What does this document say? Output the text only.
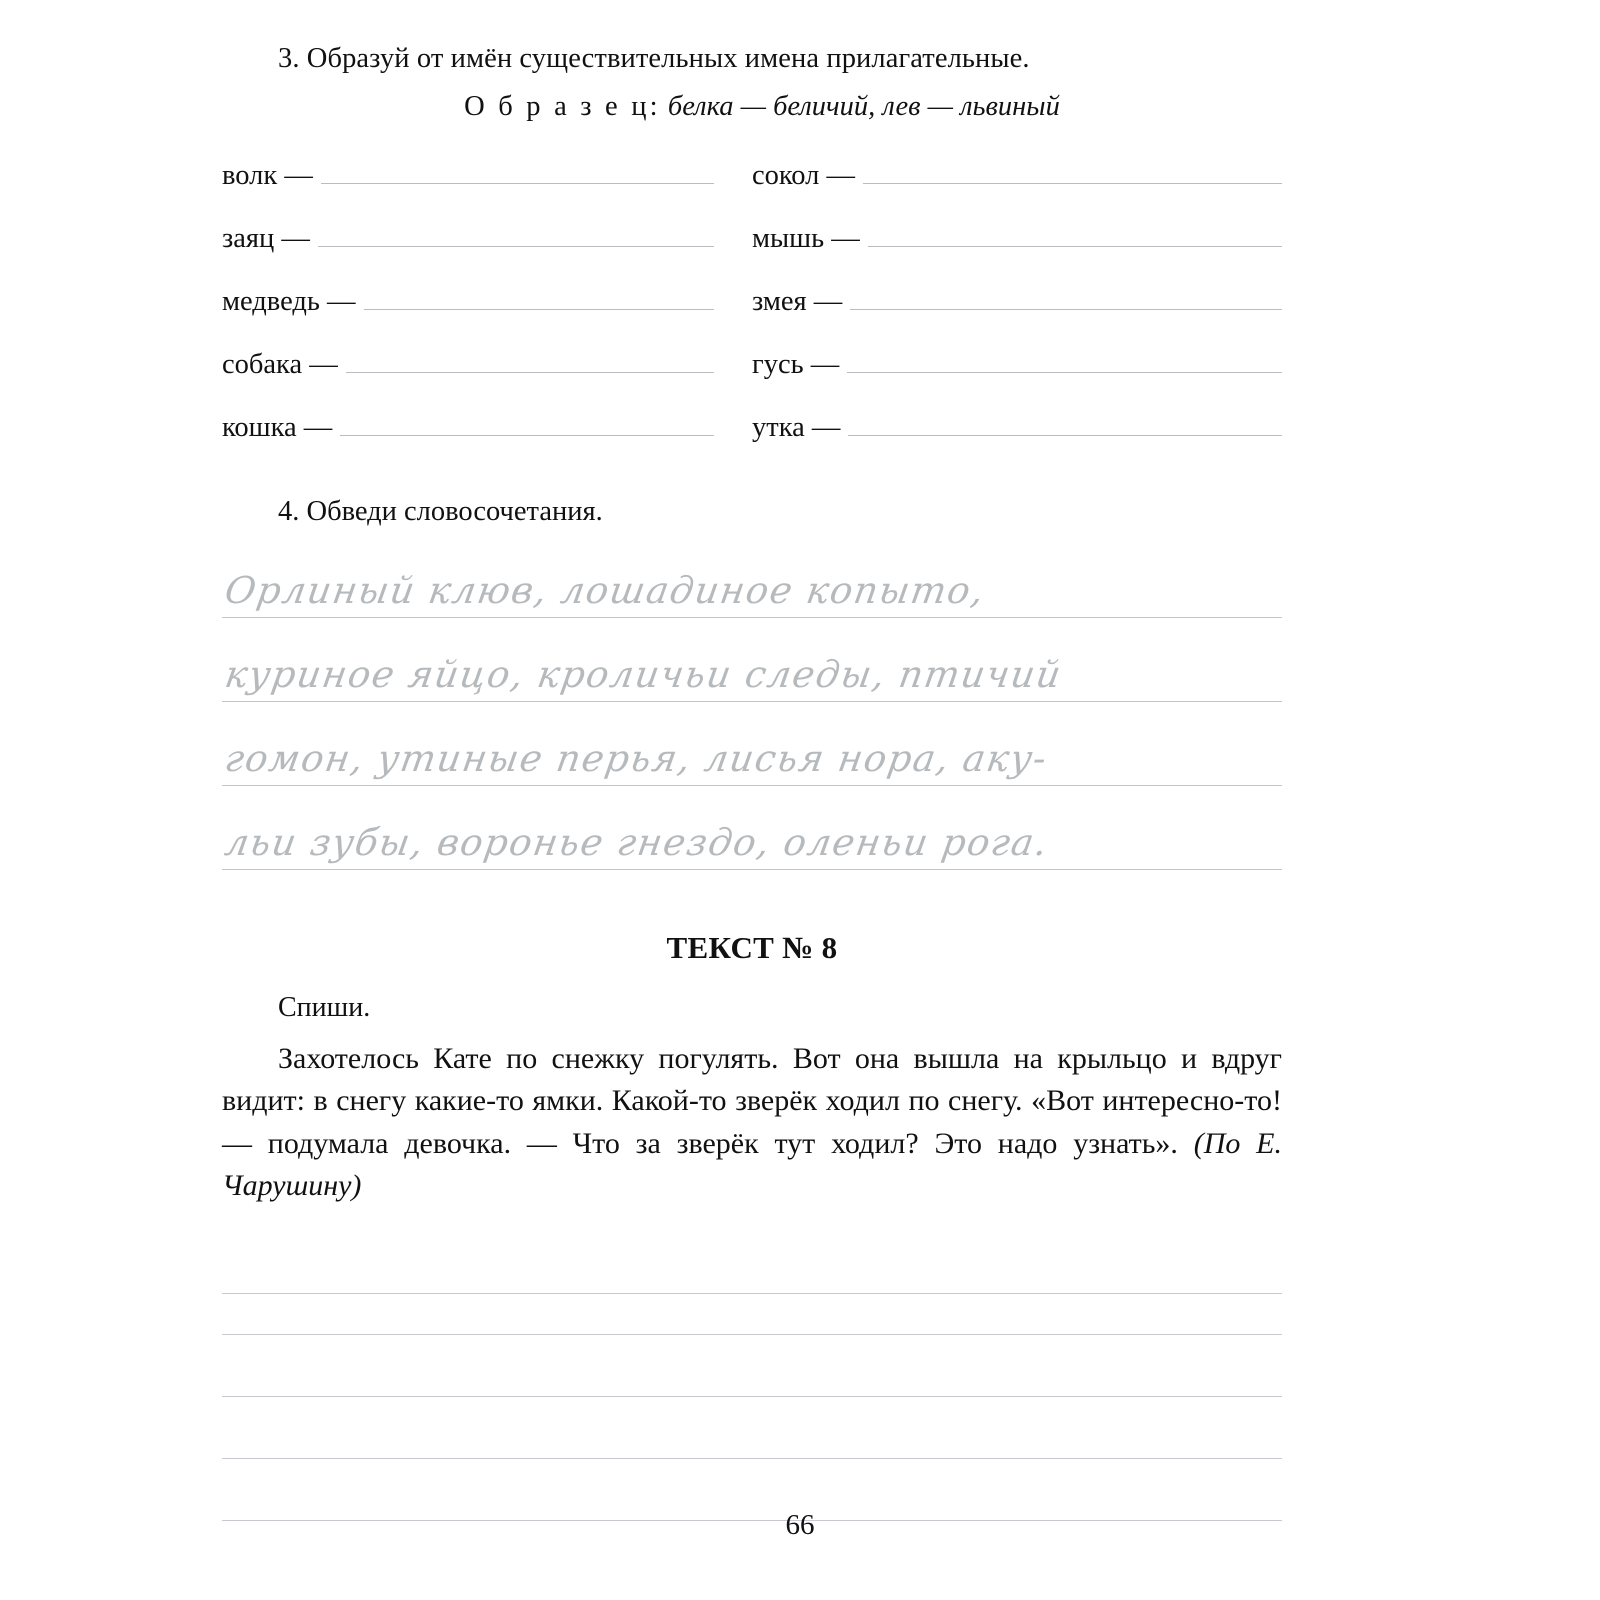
3. Образуй от имён существительных имена прилагательные.
О б р а з е ц: белка — беличий, лев — львиный
волк —
заяц —
медведь —
собака —
кошка —
сокол —
мышь —
змея —
гусь —
утка —
4. Обведи словосочетания.
Орлиный клюв, лошадиное копыто,
куриное яйцо, кроличьи следы, птичий
гомон, утиные перья, лисья нора, аку-
льи зубы, воронье гнездо, оленьи рога.
ТЕКСТ № 8
Спиши.

Захотелось Кате по снежку погулять. Вот она вышла на крыльцо и вдруг видит: в снегу какие-то ямки. Какой-то зверёк ходил по снегу. «Вот интересно-то! — подумала девочка. — Что за зверёк тут ходил? Это надо узнать». (По Е. Чарушину)

66
